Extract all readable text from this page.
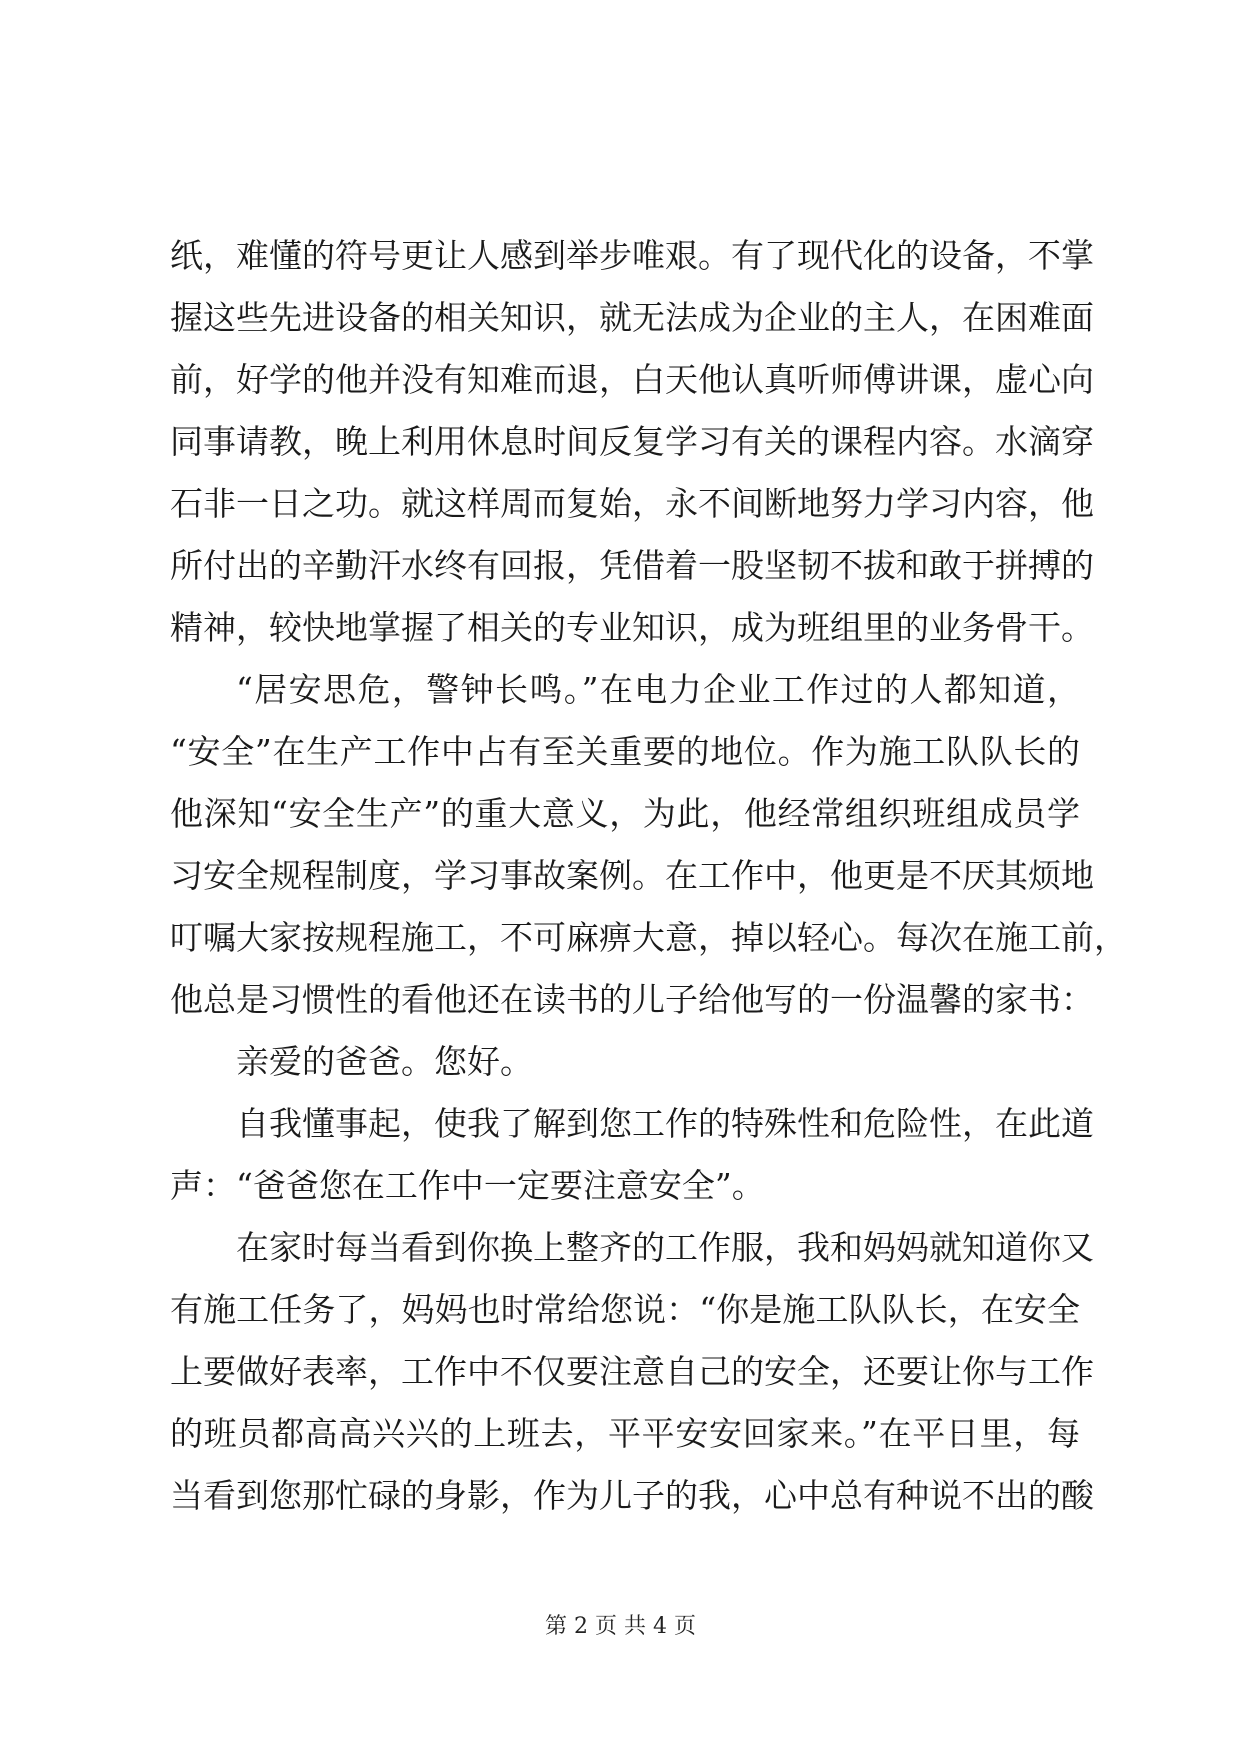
纸，难懂的符号更让人感到举步唯艰。有了现代化的设备，不掌
握这些先进设备的相关知识，就无法成为企业的主人，在困难面
前，好学的他并没有知难而退，白天他认真听师傅讲课，虚心向
同事请教，晚上利用休息时间反复学习有关的课程内容。水滴穿
石非一日之功。就这样周而复始，永不间断地努力学习内容，他
所付出的辛勤汗水终有回报，凭借着一股坚韧不拔和敢于拼搏的
精神，较快地掌握了相关的专业知识，成为班组里的业务骨干。
“居安思危，警钟长鸣。”在电力企业工作过的人都知道，
“安全”在生产工作中占有至关重要的地位。作为施工队队长的
他深知“安全生产”的重大意义，为此，他经常组织班组成员学
习安全规程制度，学习事故案例。在工作中，他更是不厌其烦地
叮嘱大家按规程施工，不可麻痹大意，掉以轻心。每次在施工前，
他总是习惯性的看他还在读书的儿子给他写的一份温馨的家书：
亲爱的爸爸。您好。
自我懂事起，使我了解到您工作的特殊性和危险性，在此道
声：“爸爸您在工作中一定要注意安全”。
在家时每当看到你换上整齐的工作服，我和妈妈就知道你又
有施工任务了，妈妈也时常给您说：“你是施工队队长，在安全
上要做好表率，工作中不仅要注意自己的安全，还要让你与工作
的班员都高高兴兴的上班去，平平安安回家来。”在平日里，每
当看到您那忙碌的身影，作为儿子的我，心中总有种说不出的酸
第 2 页 共 4 页
